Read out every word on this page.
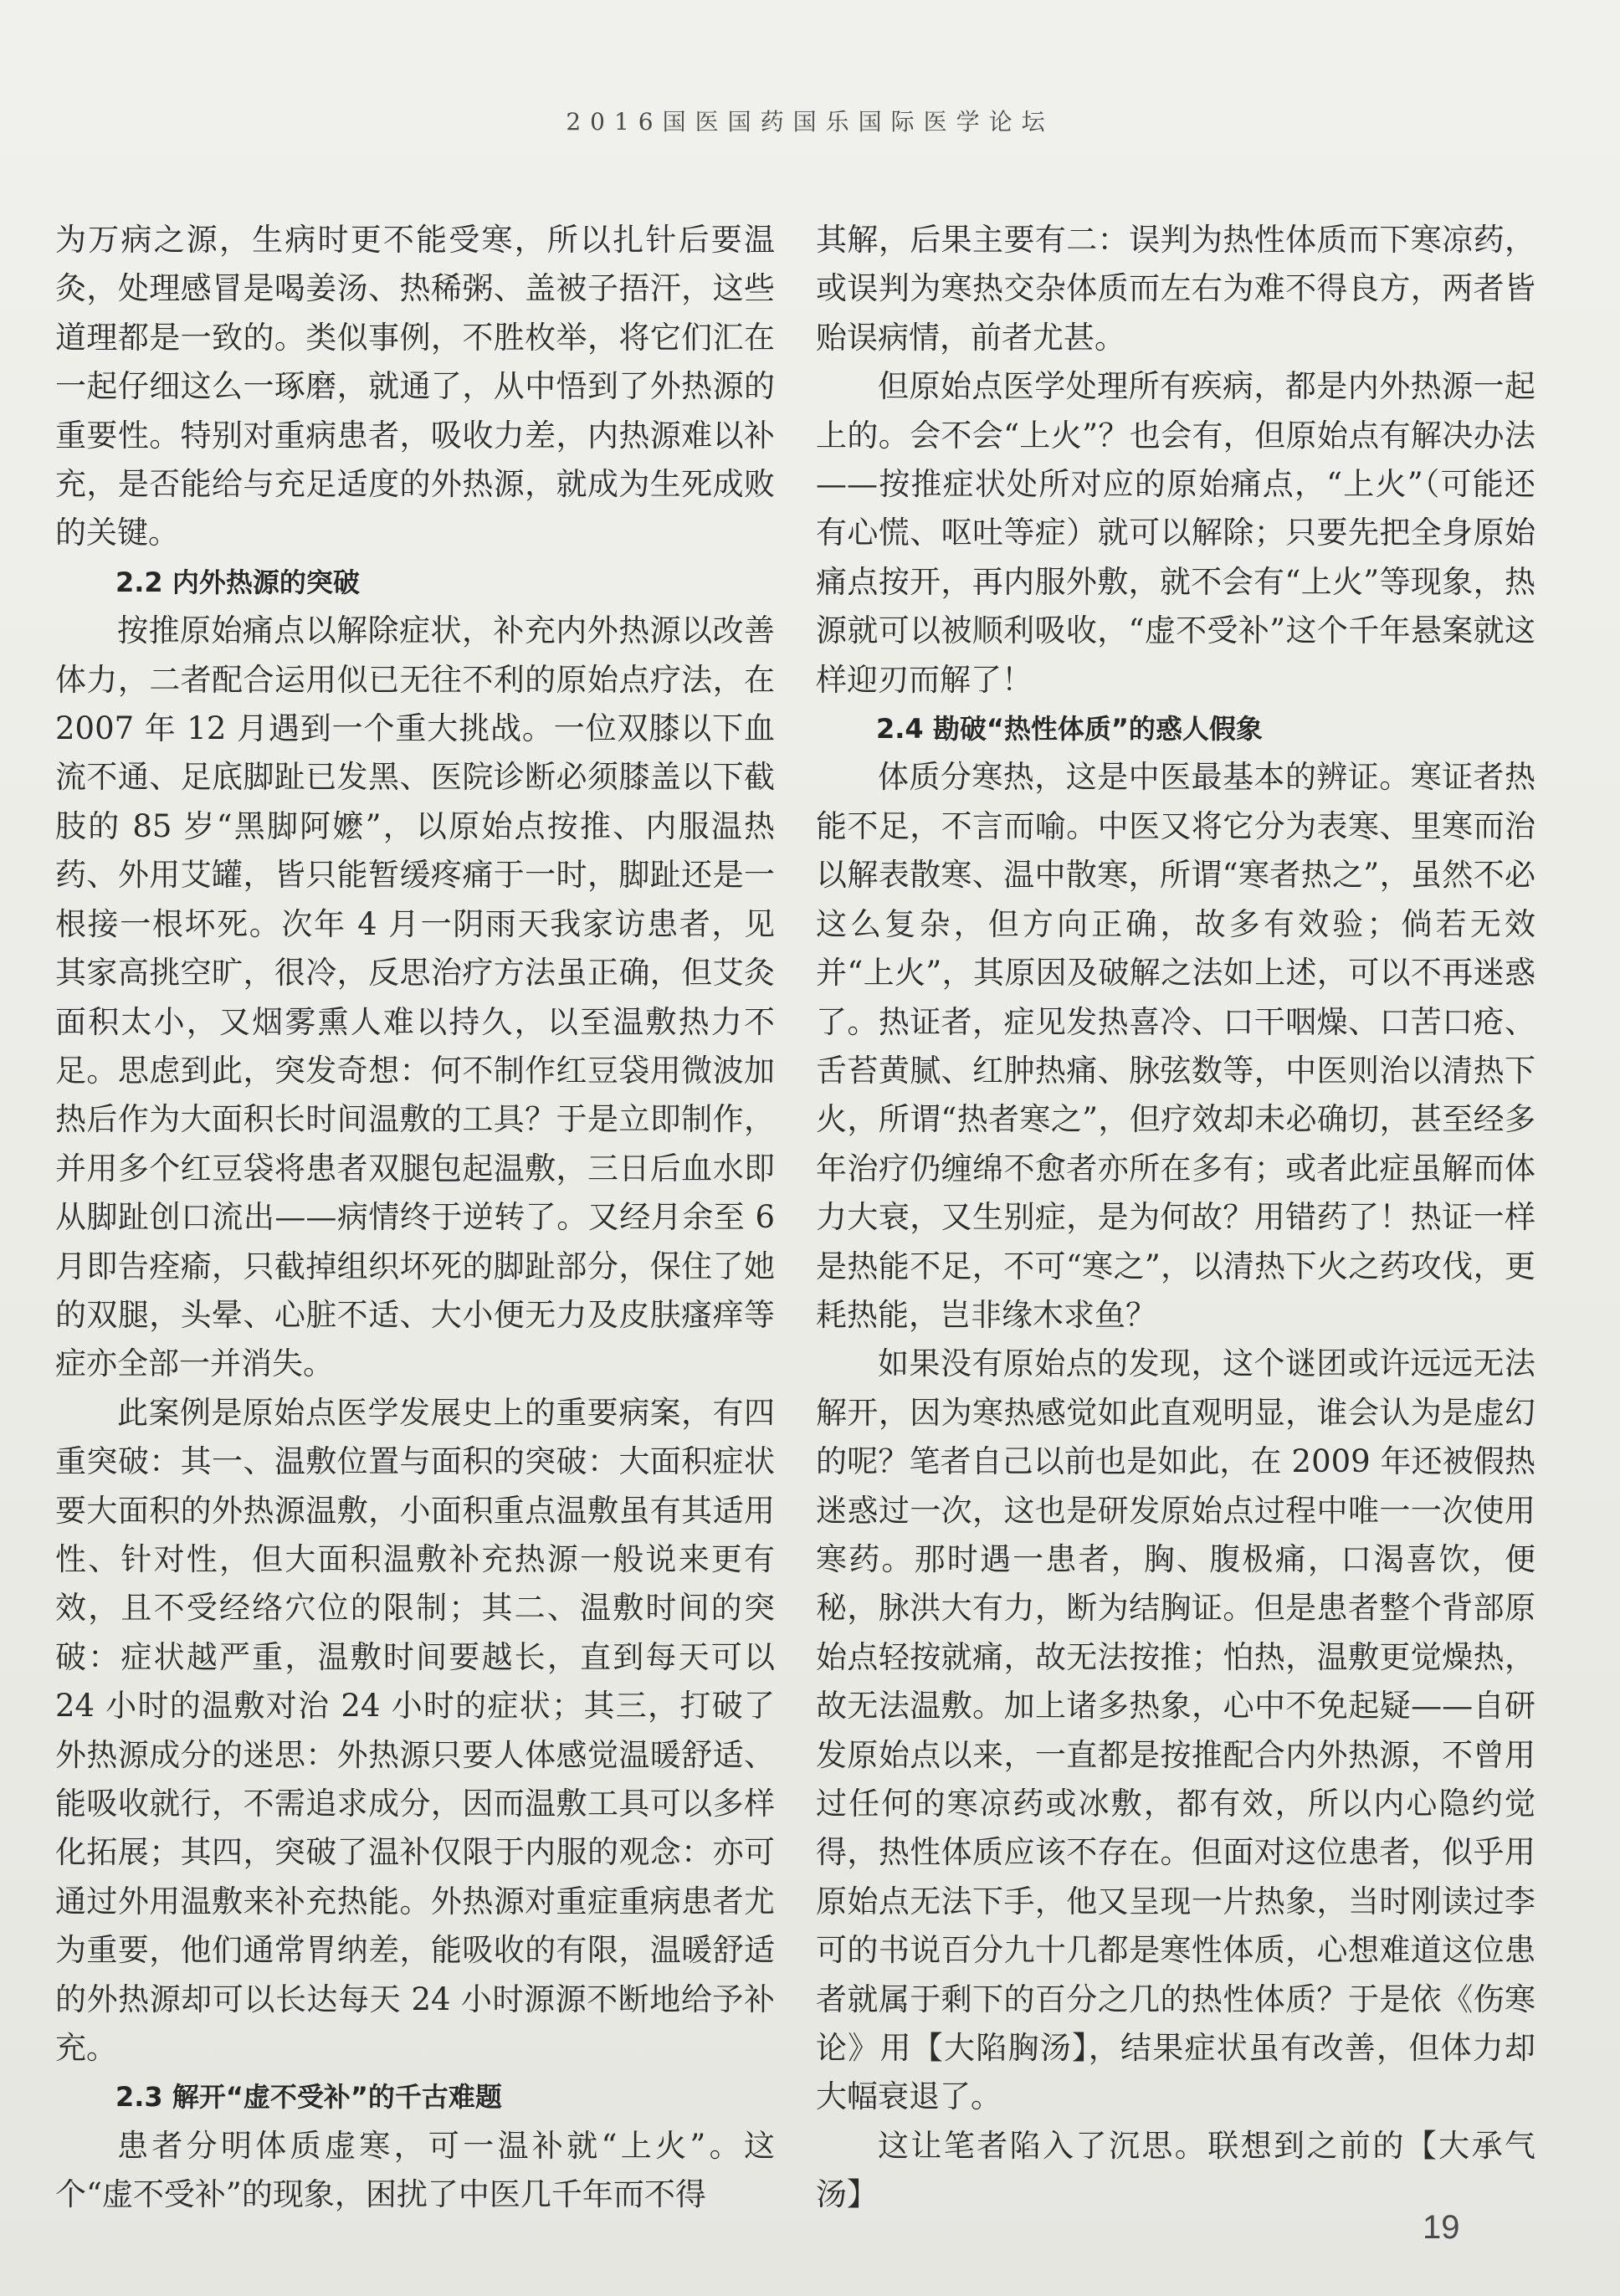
2016国医国药国乐国际医学论坛

为万病之源，生病时更不能受寒，所以扎针后要温灸，处理感冒是喝姜汤、热稀粥、盖被子捂汗，这些道理都是一致的。类似事例，不胜枚举，将它们汇在一起仔细这么一琢磨，就通了，从中悟到了外热源的重要性。特别对重病患者，吸收力差，内热源难以补充，是否能给与充足适度的外热源，就成为生死成败的关键。

2.2 内外热源的突破

按推原始痛点以解除症状，补充内外热源以改善体力，二者配合运用似已无往不利的原始点疗法，在 2007 年 12 月遇到一个重大挑战。一位双膝以下血流不通、足底脚趾已发黑、医院诊断必须膝盖以下截肢的 85 岁“黑脚阿嬷”，以原始点按推、内服温热药、外用艾罐，皆只能暂缓疼痛于一时，脚趾还是一根接一根坏死。次年 4 月一阴雨天我家访患者，见其家高挑空旷，很冷，反思治疗方法虽正确，但艾灸面积太小，又烟雾熏人难以持久，以至温敷热力不足。思虑到此，突发奇想：何不制作红豆袋用微波加热后作为大面积长时间温敷的工具？于是立即制作，并用多个红豆袋将患者双腿包起温敷，三日后血水即从脚趾创口流出——病情终于逆转了。又经月余至 6 月即告痊瘉，只截掉组织坏死的脚趾部分，保住了她的双腿，头晕、心脏不适、大小便无力及皮肤瘙痒等症亦全部一并消失。

此案例是原始点医学发展史上的重要病案，有四重突破：其一、温敷位置与面积的突破：大面积症状要大面积的外热源温敷，小面积重点温敷虽有其适用性、针对性，但大面积温敷补充热源一般说来更有效，且不受经络穴位的限制；其二、温敷时间的突破：症状越严重，温敷时间要越长，直到每天可以 24 小时的温敷对治 24 小时的症状；其三，打破了外热源成分的迷思：外热源只要人体感觉温暖舒适、能吸收就行，不需追求成分，因而温敷工具可以多样化拓展；其四，突破了温补仅限于内服的观念：亦可通过外用温敷来补充热能。外热源对重症重病患者尤为重要，他们通常胃纳差，能吸收的有限，温暖舒适的外热源却可以长达每天 24 小时源源不断地给予补充。

2.3 解开“虚不受补”的千古难题

患者分明体质虚寒，可一温补就“上火”。这个“虚不受补”的现象，困扰了中医几千年而不得

其解，后果主要有二：误判为热性体质而下寒凉药，或误判为寒热交杂体质而左右为难不得良方，两者皆贻误病情，前者尤甚。

但原始点医学处理所有疾病，都是内外热源一起上的。会不会“上火”？也会有，但原始点有解决办法——按推症状处所对应的原始痛点，“上火”（可能还有心慌、呕吐等症）就可以解除；只要先把全身原始痛点按开，再内服外敷，就不会有“上火”等现象，热源就可以被顺利吸收，“虚不受补”这个千年悬案就这样迎刃而解了！

2.4 勘破“热性体质”的惑人假象

体质分寒热，这是中医最基本的辨证。寒证者热能不足，不言而喻。中医又将它分为表寒、里寒而治以解表散寒、温中散寒，所谓“寒者热之”，虽然不必这么复杂，但方向正确，故多有效验；倘若无效并“上火”，其原因及破解之法如上述，可以不再迷惑了。热证者，症见发热喜冷、口干咽燥、口苦口疮、舌苔黄腻、红肿热痛、脉弦数等，中医则治以清热下火，所谓“热者寒之”，但疗效却未必确切，甚至经多年治疗仍缠绵不愈者亦所在多有；或者此症虽解而体力大衰，又生别症，是为何故？用错药了！热证一样是热能不足，不可“寒之”，以清热下火之药攻伐，更耗热能，岂非缘木求鱼？

如果没有原始点的发现，这个谜团或许远远无法解开，因为寒热感觉如此直观明显，谁会认为是虚幻的呢？笔者自己以前也是如此，在 2009 年还被假热迷惑过一次，这也是研发原始点过程中唯一一次使用寒药。那时遇一患者，胸、腹极痛，口渴喜饮，便秘，脉洪大有力，断为结胸证。但是患者整个背部原始点轻按就痛，故无法按推；怕热，温敷更觉燥热，故无法温敷。加上诸多热象，心中不免起疑——自研发原始点以来，一直都是按推配合内外热源，不曾用过任何的寒凉药或冰敷，都有效，所以内心隐约觉得，热性体质应该不存在。但面对这位患者，似乎用原始点无法下手，他又呈现一片热象，当时刚读过李可的书说百分九十几都是寒性体质，心想难道这位患者就属于剩下的百分之几的热性体质？于是依《伤寒论》用【大陷胸汤】，结果症状虽有改善，但体力却大幅衰退了。

这让笔者陷入了沉思。联想到之前的【大承气汤】

19
